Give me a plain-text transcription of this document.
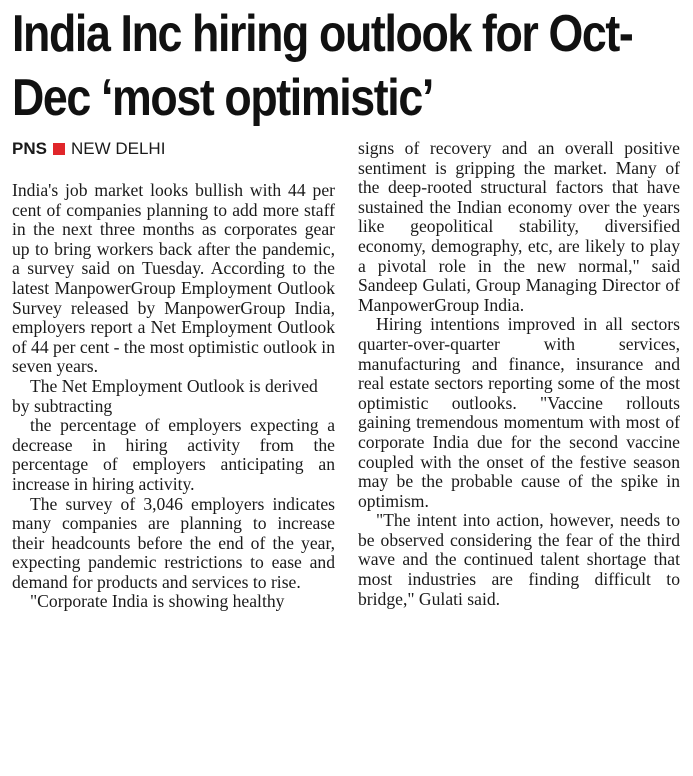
India Inc hiring outlook for Oct-Dec ‘most optimistic’
PNS NEW DELHI

India's job market looks bullish with 44 per cent of companies planning to add more staff in the next three months as corporates gear up to bring workers back after the pandemic, a survey said on Tuesday. According to the latest ManpowerGroup Employment Outlook Survey released by ManpowerGroup India, employers report a Net Employment Outlook of 44 per cent - the most optimistic outlook in seven years.

The Net Employment Outlook is derived by subtracting

the percentage of employers expecting a decrease in hiring activity from the percentage of employers anticipating an increase in hiring activity.

The survey of 3,046 employers indicates many companies are planning to increase their headcounts before the end of the year, expecting pandemic restrictions to ease and demand for products and services to rise.

"Corporate India is showing healthy

signs of recovery and an overall positive sentiment is gripping the market. Many of the deep-rooted structural factors that have sustained the Indian economy over the years like geopolitical stability, diversified economy, demography, etc, are likely to play a pivotal role in the new normal," said Sandeep Gulati, Group Managing Director of ManpowerGroup India.

Hiring intentions improved in all sectors quarter-over-quarter with services, manufacturing and finance, insurance and real estate sectors reporting some of the most optimistic outlooks. "Vaccine rollouts gaining tremendous momentum with most of corporate India due for the second vaccine coupled with the onset of the festive season may be the probable cause of the spike in optimism.

"The intent into action, however, needs to be observed considering the fear of the third wave and the continued talent shortage that most industries are finding difficult to bridge," Gulati said.
